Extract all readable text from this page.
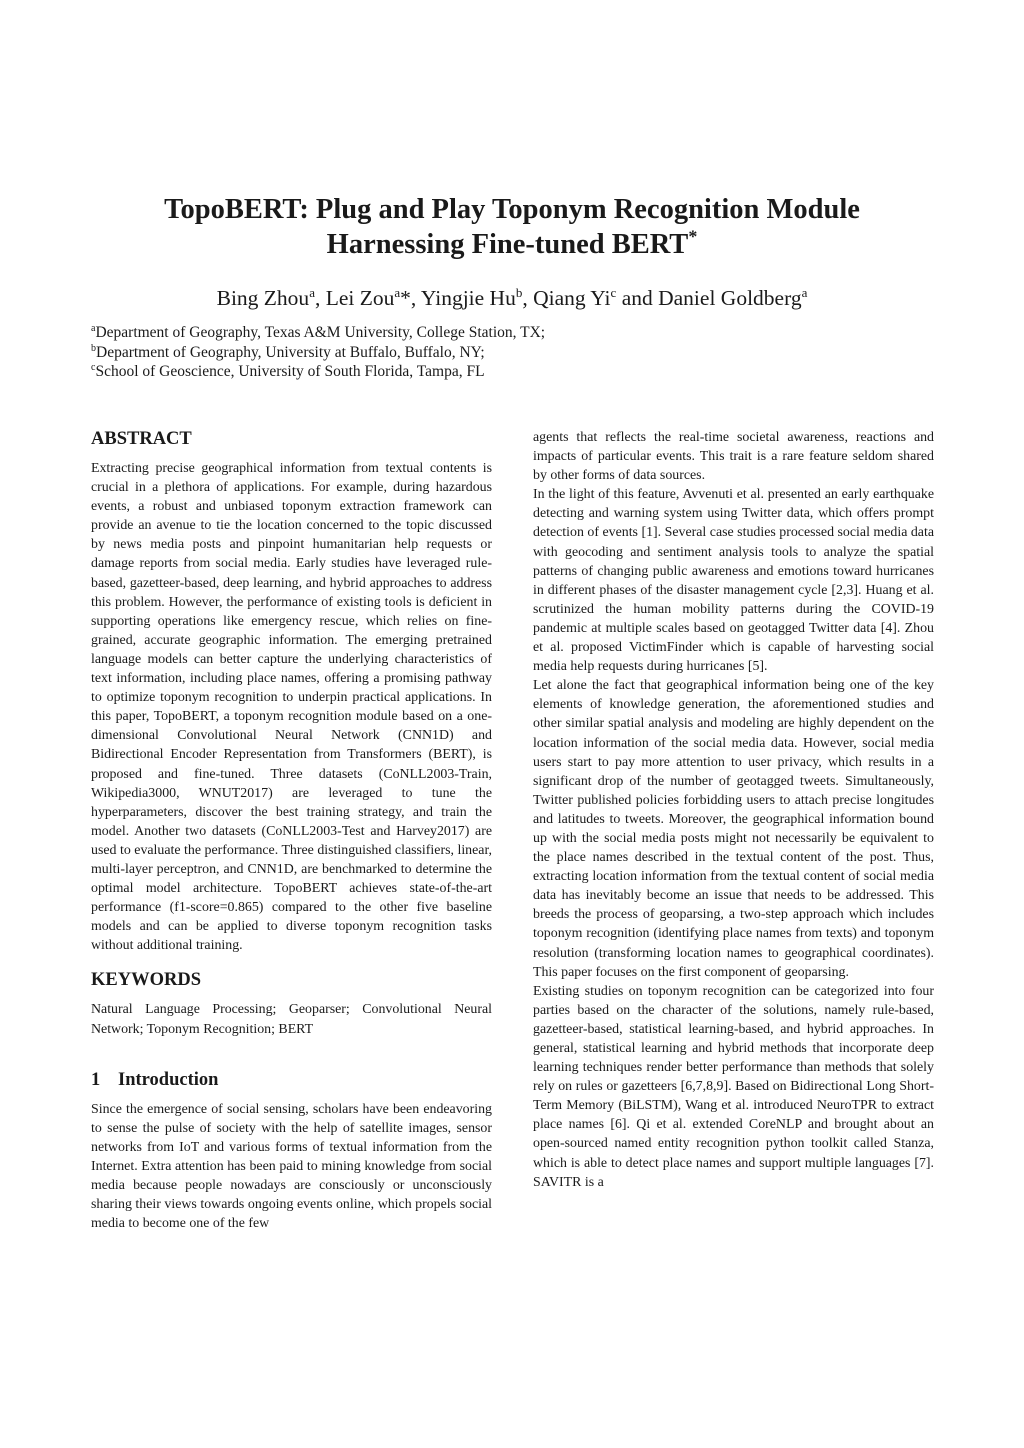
TopoBERT: Plug and Play Toponym Recognition Module
Harnessing Fine-tuned BERT*
Bing Zhou$^a$, Lei Zou$^a$*, Yingjie Hu$^b$, Qiang Yi$^c$ and Daniel Goldberg$^a$
$^a$Department of Geography, Texas A&M University, College Station, TX;
$^b$Department of Geography, University at Buffalo, Buffalo, NY;
$^c$School of Geoscience, University of South Florida, Tampa, FL
ABSTRACT

Extracting precise geographical information from textual contents is crucial in a plethora of applications. For example, during hazardous events, a robust and unbiased toponym extraction framework can provide an avenue to tie the location concerned to the topic discussed by news media posts and pinpoint humanitarian help requests or damage reports from social media. Early studies have leveraged rule-based, gazetteer-based, deep learning, and hybrid approaches to address this problem. However, the performance of existing tools is deficient in supporting operations like emergency rescue, which relies on fine-grained, accurate geographic information. The emerging pretrained language models can better capture the underlying characteristics of text information, including place names, offering a promising pathway to optimize toponym recognition to underpin practical applications. In this paper, TopoBERT, a toponym recognition module based on a one-dimensional Convolutional Neural Network (CNN1D) and Bidirectional Encoder Representation from Transformers (BERT), is proposed and fine-tuned. Three datasets (CoNLL2003-Train, Wikipedia3000, WNUT2017) are leveraged to tune the hyperparameters, discover the best training strategy, and train the model. Another two datasets (CoNLL2003-Test and Harvey2017) are used to evaluate the performance. Three distinguished classifiers, linear, multi-layer perceptron, and CNN1D, are benchmarked to determine the optimal model architecture. TopoBERT achieves state-of-the-art performance (f1-score=0.865) compared to the other five baseline models and can be applied to diverse toponym recognition tasks without additional training.

KEYWORDS

Natural Language Processing; Geoparser; Convolutional Neural Network; Toponym Recognition; BERT

1 Introduction

Since the emergence of social sensing, scholars have been endeavoring to sense the pulse of society with the help of satellite images, sensor networks from IoT and various forms of textual information from the Internet. Extra attention has been paid to mining knowledge from social media because people nowadays are consciously or unconsciously sharing their views towards ongoing events online, which propels social media to become one of the few

agents that reflects the real-time societal awareness, reactions and impacts of particular events. This trait is a rare feature seldom shared by other forms of data sources.

In the light of this feature, Avvenuti et al. presented an early earthquake detecting and warning system using Twitter data, which offers prompt detection of events [1]. Several case studies processed social media data with geocoding and sentiment analysis tools to analyze the spatial patterns of changing public awareness and emotions toward hurricanes in different phases of the disaster management cycle [2,3]. Huang et al. scrutinized the human mobility patterns during the COVID-19 pandemic at multiple scales based on geotagged Twitter data [4]. Zhou et al. proposed VictimFinder which is capable of harvesting social media help requests during hurricanes [5].

Let alone the fact that geographical information being one of the key elements of knowledge generation, the aforementioned studies and other similar spatial analysis and modeling are highly dependent on the location information of the social media data. However, social media users start to pay more attention to user privacy, which results in a significant drop of the number of geotagged tweets. Simultaneously, Twitter published policies forbidding users to attach precise longitudes and latitudes to tweets. Moreover, the geographical information bound up with the social media posts might not necessarily be equivalent to the place names described in the textual content of the post. Thus, extracting location information from the textual content of social media data has inevitably become an issue that needs to be addressed. This breeds the process of geoparsing, a two-step approach which includes toponym recognition (identifying place names from texts) and toponym resolution (transforming location names to geographical coordinates). This paper focuses on the first component of geoparsing.

Existing studies on toponym recognition can be categorized into four parties based on the character of the solutions, namely rule-based, gazetteer-based, statistical learning-based, and hybrid approaches. In general, statistical learning and hybrid methods that incorporate deep learning techniques render better performance than methods that solely rely on rules or gazetteers [6,7,8,9]. Based on Bidirectional Long Short-Term Memory (BiLSTM), Wang et al. introduced NeuroTPR to extract place names [6]. Qi et al. extended CoreNLP and brought about an open-sourced named entity recognition python toolkit called Stanza, which is able to detect place names and support multiple languages [7]. SAVITR is a
